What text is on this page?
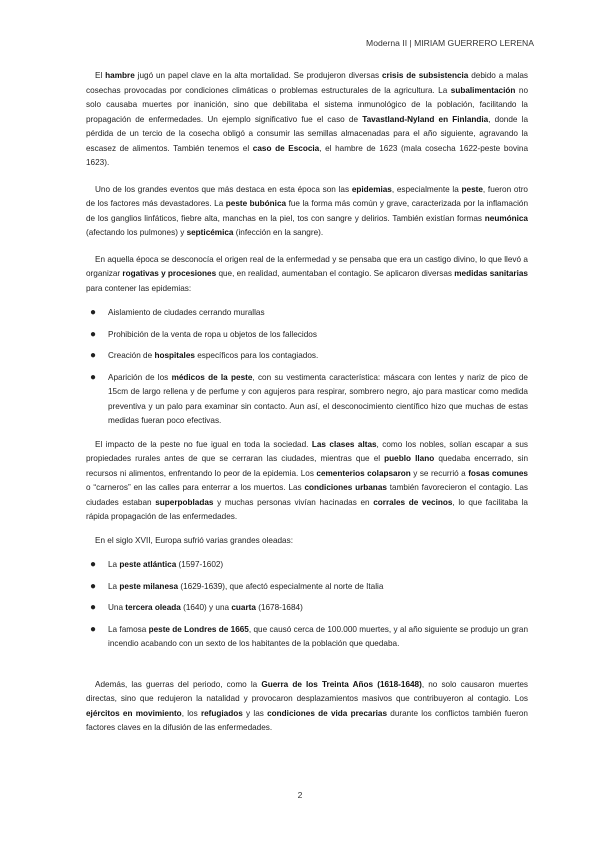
Moderna II | MIRIAM GUERRERO LERENA

El hambre jugó un papel clave en la alta mortalidad. Se produjeron diversas crisis de subsistencia debido a malas cosechas provocadas por condiciones climáticas o problemas estructurales de la agricultura. La subalimentación no solo causaba muertes por inanición, sino que debilitaba el sistema inmunológico de la población, facilitando la propagación de enfermedades. Un ejemplo significativo fue el caso de Tavastland-Nyland en Finlandia, donde la pérdida de un tercio de la cosecha obligó a consumir las semillas almacenadas para el año siguiente, agravando la escasez de alimentos. También tenemos el caso de Escocia, el hambre de 1623 (mala cosecha 1622-peste bovina 1623).

Uno de los grandes eventos que más destaca en esta época son las epidemias, especialmente la peste, fueron otro de los factores más devastadores. La peste bubónica fue la forma más común y grave, caracterizada por la inflamación de los ganglios linfáticos, fiebre alta, manchas en la piel, tos con sangre y delirios. También existían formas neumónica (afectando los pulmones) y septicémica (infección en la sangre).

En aquella época se desconocía el origen real de la enfermedad y se pensaba que era un castigo divino, lo que llevó a organizar rogativas y procesiones que, en realidad, aumentaban el contagio. Se aplicaron diversas medidas sanitarias para contener las epidemias:

● Aislamiento de ciudades cerrando murallas
● Prohibición de la venta de ropa u objetos de los fallecidos
● Creación de hospitales específicos para los contagiados.
● Aparición de los médicos de la peste, con su vestimenta característica: máscara con lentes y nariz de pico de 15cm de largo rellena y de perfume y con agujeros para respirar, sombrero negro, ajo para masticar como medida preventiva y un palo para examinar sin contacto. Aun así, el desconocimiento científico hizo que muchas de estas medidas fueran poco efectivas.

El impacto de la peste no fue igual en toda la sociedad. Las clases altas, como los nobles, solían escapar a sus propiedades rurales antes de que se cerraran las ciudades, mientras que el pueblo llano quedaba encerrado, sin recursos ni alimentos, enfrentando lo peor de la epidemia. Los cementerios colapsaron y se recurrió a fosas comunes o “carneros” en las calles para enterrar a los muertos. Las condiciones urbanas también favorecieron el contagio. Las ciudades estaban superpobladas y muchas personas vivían hacinadas en corrales de vecinos, lo que facilitaba la rápida propagación de las enfermedades.

En el siglo XVII, Europa sufrió varias grandes oleadas:

● La peste atlántica (1597-1602)
● La peste milanesa (1629-1639), que afectó especialmente al norte de Italia
● Una tercera oleada (1640) y una cuarta (1678-1684)
● La famosa peste de Londres de 1665, que causó cerca de 100.000 muertes, y al año siguiente se produjo un gran incendio acabando con un sexto de los habitantes de la población que quedaba.

Además, las guerras del periodo, como la Guerra de los Treinta Años (1618-1648), no solo causaron muertes directas, sino que redujeron la natalidad y provocaron desplazamientos masivos que contribuyeron al contagio. Los ejércitos en movimiento, los refugiados y las condiciones de vida precarias durante los conflictos también fueron factores claves en la difusión de las enfermedades.

2
